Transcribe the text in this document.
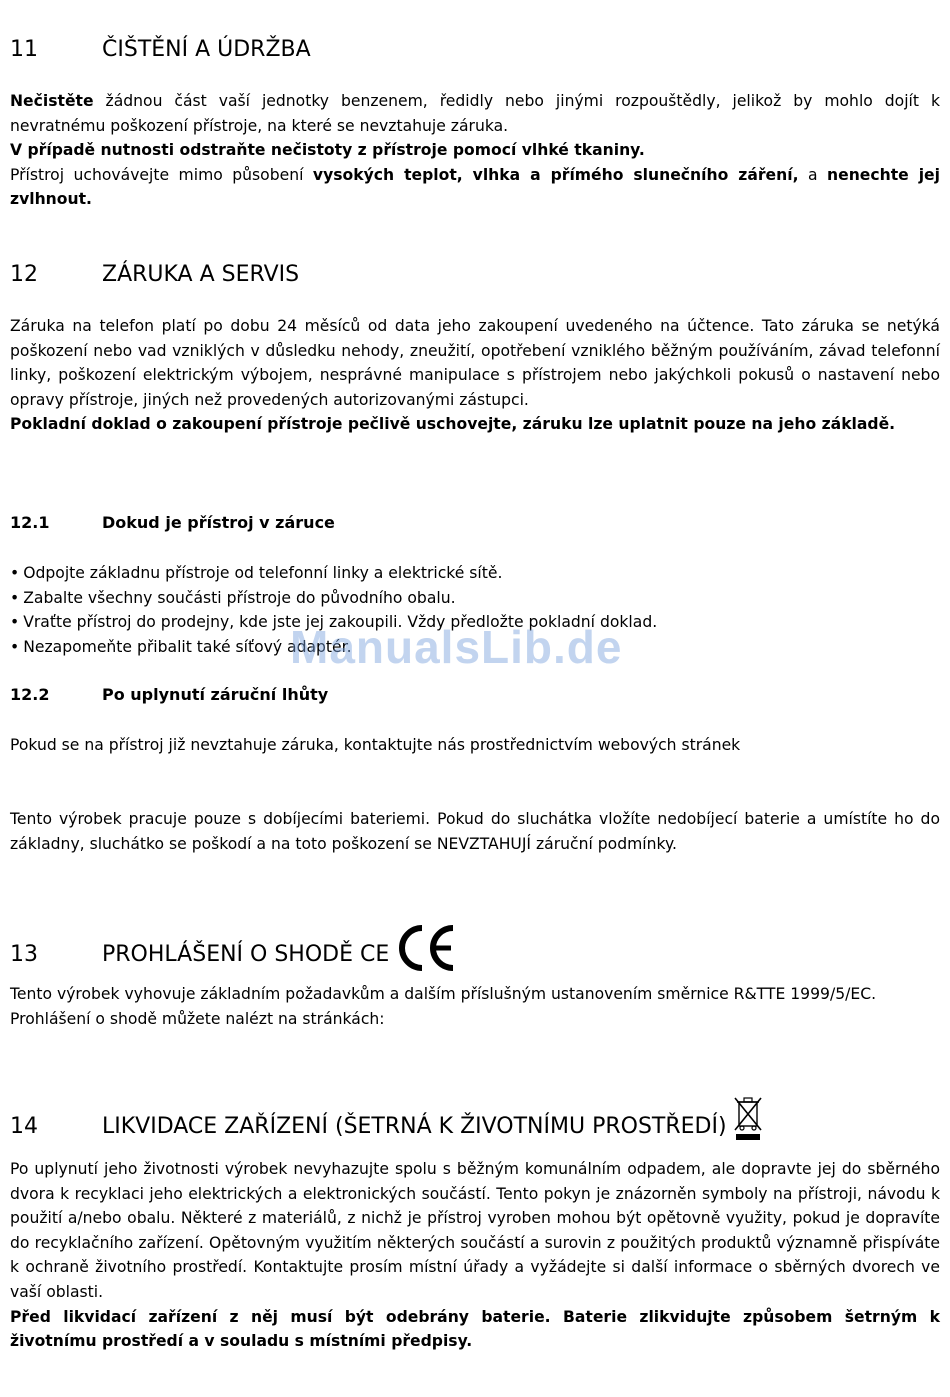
11	ČIŠTĚNÍ A ÚDRŽBA

Nečistěte žádnou část vaší jednotky benzenem, ředidly nebo jinými rozpouštědly, jelikož by mohlo dojít k nevratnému poškození přístroje, na které se nevztahuje záruka.
V případě nutnosti odstraňte nečistoty z přístroje pomocí vlhké tkaniny.
Přístroj uchovávejte mimo působení vysokých teplot, vlhka a přímého slunečního záření, a nenechte jej zvlhnout.

12	ZÁRUKA A SERVIS

Záruka na telefon platí po dobu 24 měsíců od data jeho zakoupení uvedeného na účtence. Tato záruka se netýká poškození nebo vad vzniklých v důsledku nehody, zneužití, opotřebení vzniklého běžným používáním, závad telefonní linky, poškození elektrickým výbojem, nesprávné manipulace s přístrojem nebo jakýchkoli pokusů o nastavení nebo opravy přístroje, jiných než provedených autorizovanými zástupci.
Pokladní doklad o zakoupení přístroje pečlivě uschovejte, záruku lze uplatnit pouze na jeho základě.

12.1	Dokud je přístroj v záruce
• Odpojte základnu přístroje od telefonní linky a elektrické sítě.
• Zabalte všechny součásti přístroje do původního obalu.
• Vraťte přístroj do prodejny, kde jste jej zakoupili. Vždy předložte pokladní doklad.
• Nezapomeňte přibalit také síťový adaptér.
12.2	Po uplynutí záruční lhůty

Pokud se na přístroj již nevztahuje záruka, kontaktujte nás prostřednictvím webových stránek

Tento výrobek pracuje pouze s dobíjecími bateriemi. Pokud do sluchátka vložíte nedobíjecí baterie a umístíte ho do základny, sluchátko se poškodí a na toto poškození se NEVZTAHUJÍ záruční podmínky.

13	PROHLÁŠENÍ O SHODĚ CE

Tento výrobek vyhovuje základním požadavkům a dalším příslušným ustanovením směrnice R&TTE 1999/5/EC.
Prohlášení o shodě můžete nalézt na stránkách:

14	LIKVIDACE ZAŘÍZENÍ (ŠETRNÁ K ŽIVOTNÍMU PROSTŘEDÍ)

Po uplynutí jeho životnosti výrobek nevyhazujte spolu s běžným komunálním odpadem, ale dopravte jej do sběrného dvora k recyklaci jeho elektrických a elektronických součástí. Tento pokyn je znázorněn symboly na přístroji, návodu k použití a/nebo obalu. Některé z materiálů, z nichž je přístroj vyroben mohou být opětovně využity, pokud je dopravíte do recyklačního zařízení. Opětovným využitím některých součástí a surovin z použitých produktů významně přispíváte k ochraně životního prostředí. Kontaktujte prosím místní úřady a vyžádejte si další informace o sběrných dvorech ve vaší oblasti.
Před likvidací zařízení z něj musí být odebrány baterie. Baterie zlikvidujte způsobem šetrným k životnímu prostředí a v souladu s místními předpisy.

ManualsLib.de
